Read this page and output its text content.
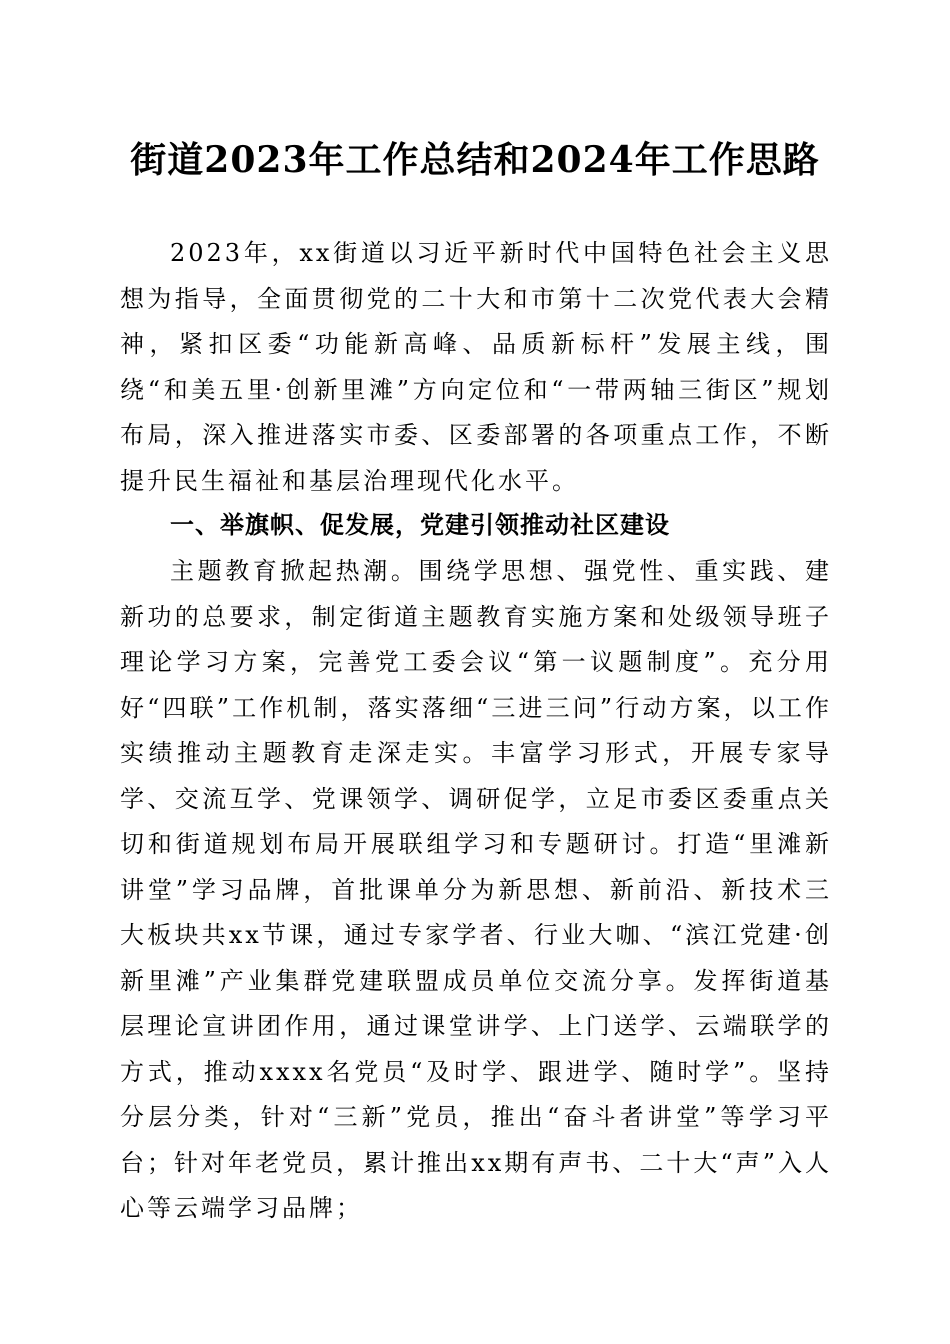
街道2023年工作总结和2024年工作思路

2023年，xx街道以习近平新时代中国特色社会主义思想为指导，全面贯彻党的二十大和市第十二次党代表大会精神，紧扣区委“功能新高峰、品质新标杆”发展主线，围绕“和美五里·创新里滩”方向定位和“一带两轴三街区”规划布局，深入推进落实市委、区委部署的各项重点工作，不断提升民生福祉和基层治理现代化水平。

一、举旗帜、促发展，党建引领推动社区建设

主题教育掀起热潮。围绕学思想、强党性、重实践、建新功的总要求，制定街道主题教育实施方案和处级领导班子理论学习方案，完善党工委会议“第一议题制度”。充分用好“四联”工作机制，落实落细“三进三问”行动方案，以工作实绩推动主题教育走深走实。丰富学习形式，开展专家导学、交流互学、党课领学、调研促学，立足市委区委重点关切和街道规划布局开展联组学习和专题研讨。打造“里滩新讲堂”学习品牌，首批课单分为新思想、新前沿、新技术三大板块共xx节课，通过专家学者、行业大咖、“滨江党建·创新里滩”产业集群党建联盟成员单位交流分享。发挥街道基层理论宣讲团作用，通过课堂讲学、上门送学、云端联学的方式，推动xxxx名党员“及时学、跟进学、随时学”。坚持分层分类，针对“三新”党员，推出“奋斗者讲堂”等学习平台；针对年老党员，累计推出xx期有声书、二十大“声”入人心等云端学习品牌；
